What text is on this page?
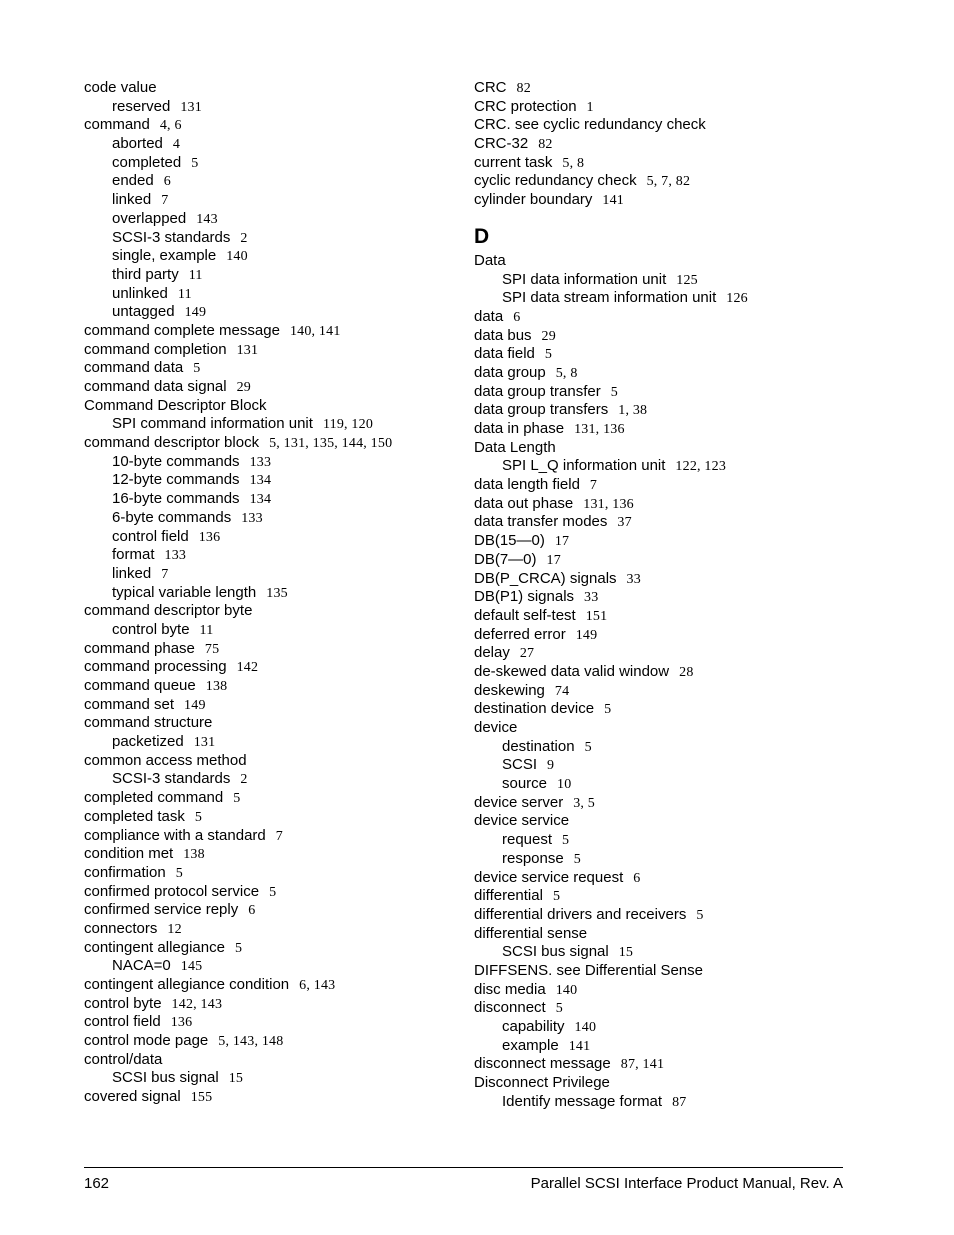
code value
reserved 131
command 4, 6
aborted 4
completed 5
ended 6
linked 7
overlapped 143
SCSI-3 standards 2
single, example 140
third party 11
unlinked 11
untagged 149
command complete message 140, 141
command completion 131
command data 5
command data signal 29
Command Descriptor Block
SPI command information unit 119, 120
command descriptor block 5, 131, 135, 144, 150
10-byte commands 133
12-byte commands 134
16-byte commands 134
6-byte commands 133
control field 136
format 133
linked 7
typical variable length 135
command descriptor byte
control byte 11
command phase 75
command processing 142
command queue 138
command set 149
command structure
packetized 131
common access method
SCSI-3 standards 2
completed command 5
completed task 5
compliance with a standard 7
condition met 138
confirmation 5
confirmed protocol service 5
confirmed service reply 6
connectors 12
contingent allegiance 5
NACA=0 145
contingent allegiance condition 6, 143
control byte 142, 143
control field 136
control mode page 5, 143, 148
control/data
SCSI bus signal 15
covered signal 155
CRC 82
CRC protection 1
CRC. see cyclic redundancy check
CRC-32 82
current task 5, 8
cyclic redundancy check 5, 7, 82
cylinder boundary 141
D
Data
SPI data information unit 125
SPI data stream information unit 126
data 6
data bus 29
data field 5
data group 5, 8
data group transfer 5
data group transfers 1, 38
data in phase 131, 136
Data Length
SPI L_Q information unit 122, 123
data length field 7
data out phase 131, 136
data transfer modes 37
DB(15—0) 17
DB(7—0) 17
DB(P_CRCA) signals 33
DB(P1) signals 33
default self-test 151
deferred error 149
delay 27
de-skewed data valid window 28
deskewing 74
destination device 5
device
destination 5
SCSI 9
source 10
device server 3, 5
device service
request 5
response 5
device service request 6
differential 5
differential drivers and receivers 5
differential sense
SCSI bus signal 15
DIFFSENS. see Differential Sense
disc media 140
disconnect 5
capability 140
example 141
disconnect message 87, 141
Disconnect Privilege
Identify message format 87
162	Parallel SCSI Interface Product Manual, Rev. A
